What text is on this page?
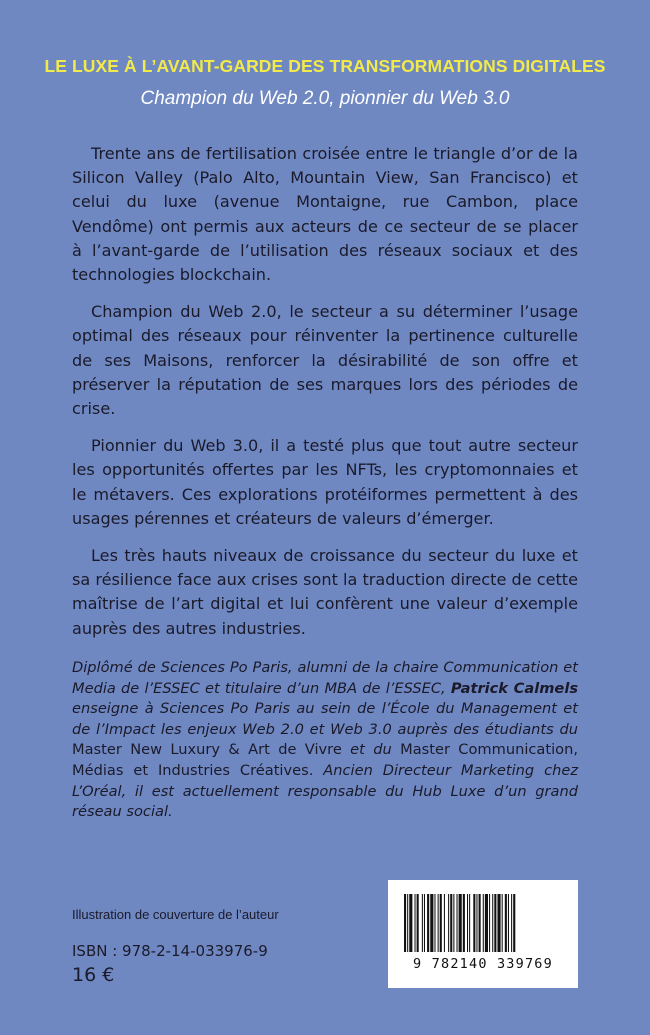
LE LUXE À L’AVANT-GARDE DES TRANSFORMATIONS DIGITALES
Champion du Web 2.0, pionnier du Web 3.0

Trente ans de fertilisation croisée entre le triangle d’or de la Silicon Valley (Palo Alto, Mountain View, San Francisco) et celui du luxe (avenue Montaigne, rue Cambon, place Vendôme) ont permis aux acteurs de ce secteur de se placer à l’avant-garde de l’utilisation des réseaux sociaux et des technologies blockchain.

Champion du Web 2.0, le secteur a su déterminer l’usage optimal des réseaux pour réinventer la pertinence culturelle de ses Maisons, renforcer la désirabilité de son offre et préserver la réputation de ses marques lors des périodes de crise.

Pionnier du Web 3.0, il a testé plus que tout autre secteur les opportunités offertes par les NFTs, les cryptomonnaies et le métavers. Ces explorations protéiformes permettent à des usages pérennes et créateurs de valeurs d’émerger.

Les très hauts niveaux de croissance du secteur du luxe et sa résilience face aux crises sont la traduction directe de cette maîtrise de l’art digital et lui confèrent une valeur d’exemple auprès des autres industries.

Diplômé de Sciences Po Paris, alumni de la chaire Communication et Media de l’ESSEC et titulaire d’un MBA de l’ESSEC, Patrick Calmels enseigne à Sciences Po Paris au sein de l’École du Management et de l’Impact les enjeux Web 2.0 et Web 3.0 auprès des étudiants du Master New Luxury & Art de Vivre et du Master Communication, Médias et Industries Créatives. Ancien Directeur Marketing chez L’Oréal, il est actuellement responsable du Hub Luxe d’un grand réseau social.
Illustration de couverture de l’auteur
ISBN : 978-2-14-033976-9
16 €	9 782140 339769
